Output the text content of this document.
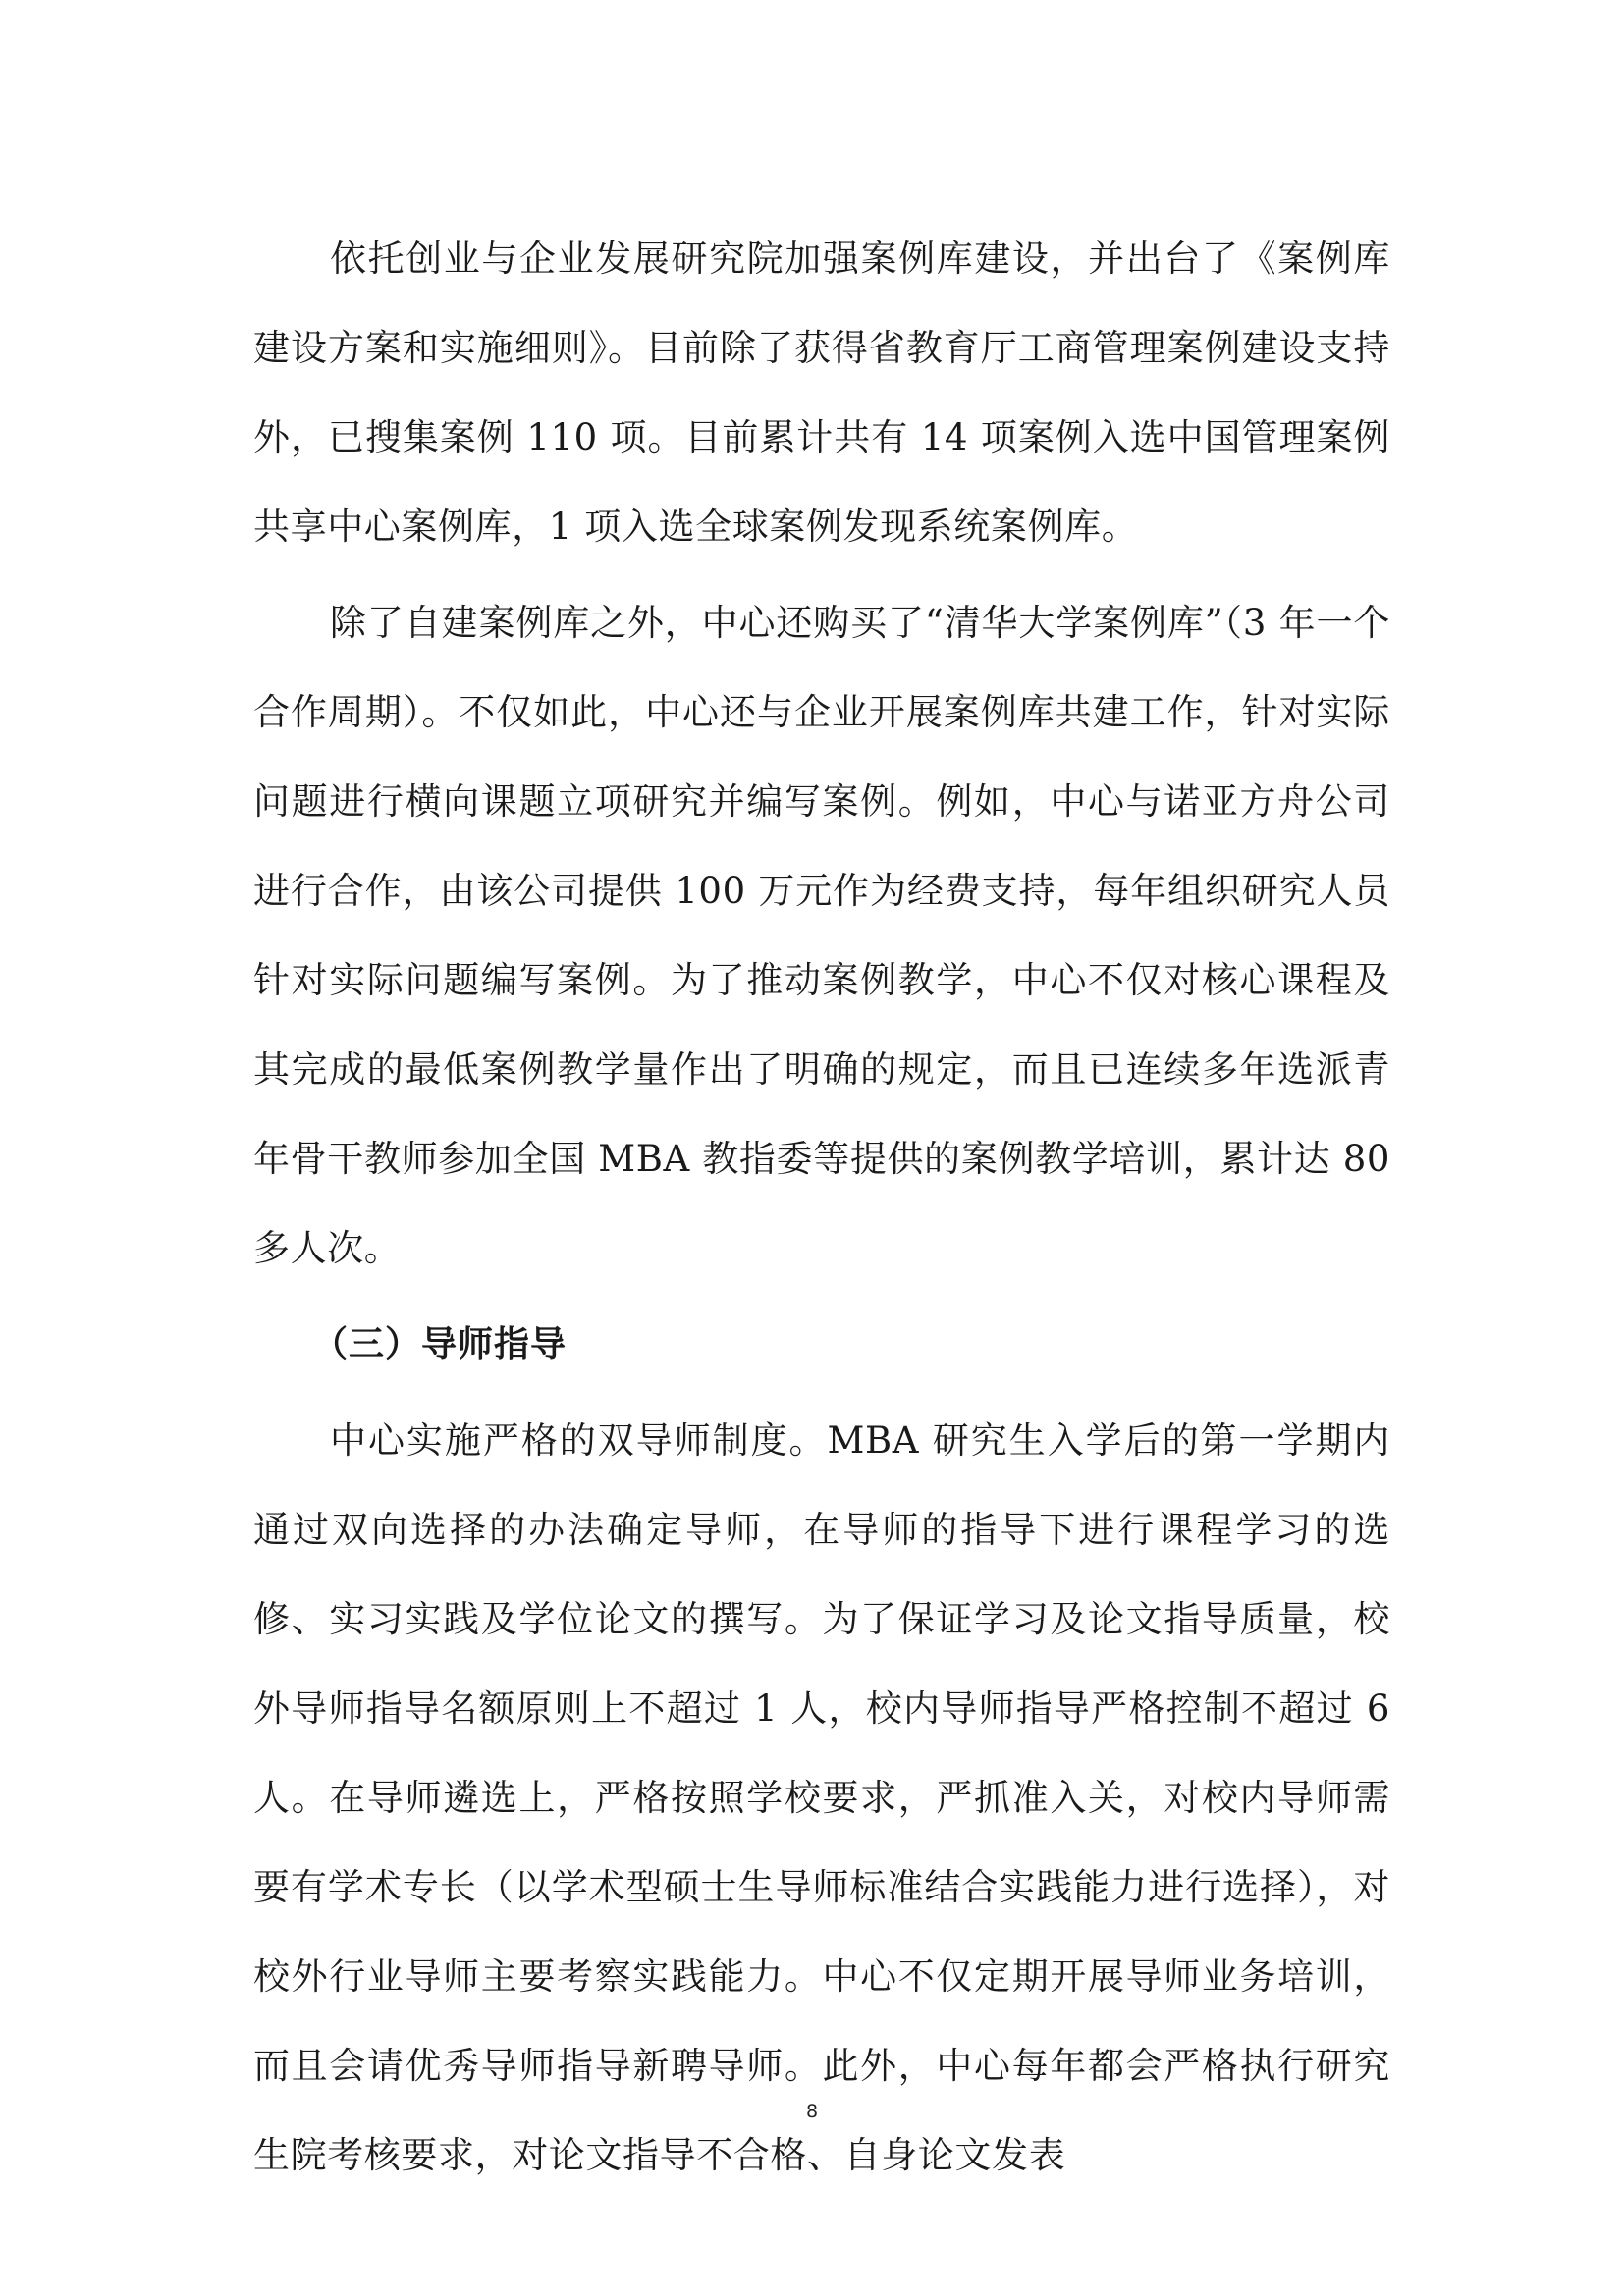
依托创业与企业发展研究院加强案例库建设，并出台了《案例库建设方案和实施细则》。目前除了获得省教育厅工商管理案例建设支持外，已搜集案例 110 项。目前累计共有 14 项案例入选中国管理案例共享中心案例库，1 项入选全球案例发现系统案例库。

除了自建案例库之外，中心还购买了“清华大学案例库”（3 年一个合作周期）。不仅如此，中心还与企业开展案例库共建工作，针对实际问题进行横向课题立项研究并编写案例。例如，中心与诺亚方舟公司进行合作，由该公司提供 100 万元作为经费支持，每年组织研究人员针对实际问题编写案例。为了推动案例教学，中心不仅对核心课程及其完成的最低案例教学量作出了明确的规定，而且已连续多年选派青年骨干教师参加全国 MBA 教指委等提供的案例教学培训，累计达 80 多人次。

（三）导师指导

中心实施严格的双导师制度。MBA 研究生入学后的第一学期内通过双向选择的办法确定导师，在导师的指导下进行课程学习的选修、实习实践及学位论文的撰写。为了保证学习及论文指导质量，校外导师指导名额原则上不超过 1 人，校内导师指导严格控制不超过 6 人。在导师遴选上，严格按照学校要求，严抓准入关，对校内导师需要有学术专长（以学术型硕士生导师标准结合实践能力进行选择），对校外行业导师主要考察实践能力。中心不仅定期开展导师业务培训，而且会请优秀导师指导新聘导师。此外，中心每年都会严格执行研究生院考核要求，对论文指导不合格、自身论文发表

8
